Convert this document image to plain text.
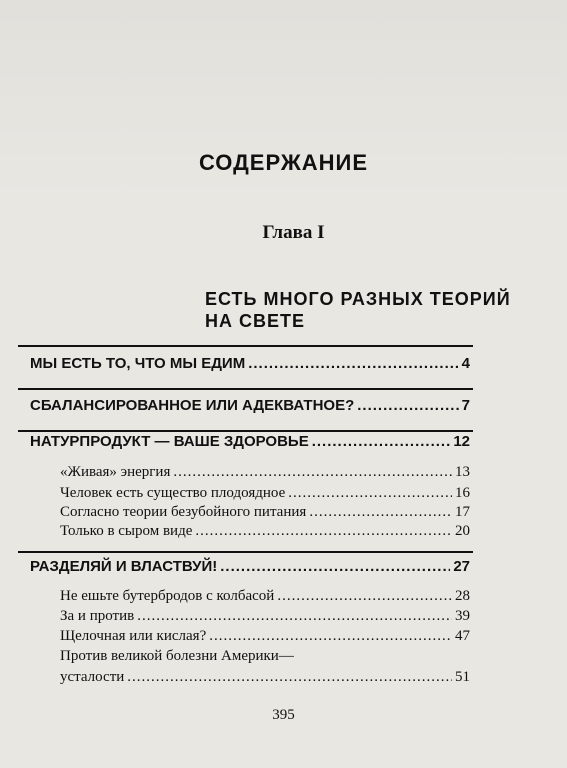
СОДЕРЖАНИЕ
Глава I
ЕСТЬ МНОГО РАЗНЫХ ТЕОРИЙ НА СВЕТЕ
МЫ ЕСТЬ ТО, ЧТО МЫ ЕДИМ .....	4
СБАЛАНСИРОВАННОЕ ИЛИ АДЕКВАТНОЕ? .....	7
НАТУРПРОДУКТ — ВАШЕ ЗДОРОВЬЕ .....	12
«Живая» энергия .....	13
Человек есть существо плодоядное .....	16
Согласно теории безубойного питания .....	17
Только в сыром виде .....	20
РАЗДЕЛЯЙ И ВЛАСТВУЙ! .....	27
Не ешьте бутербродов с колбасой .....	28
За и против .....	39
Щелочная или кислая? .....	47
Против великой болезни Америки—
усталости .....	51
395
